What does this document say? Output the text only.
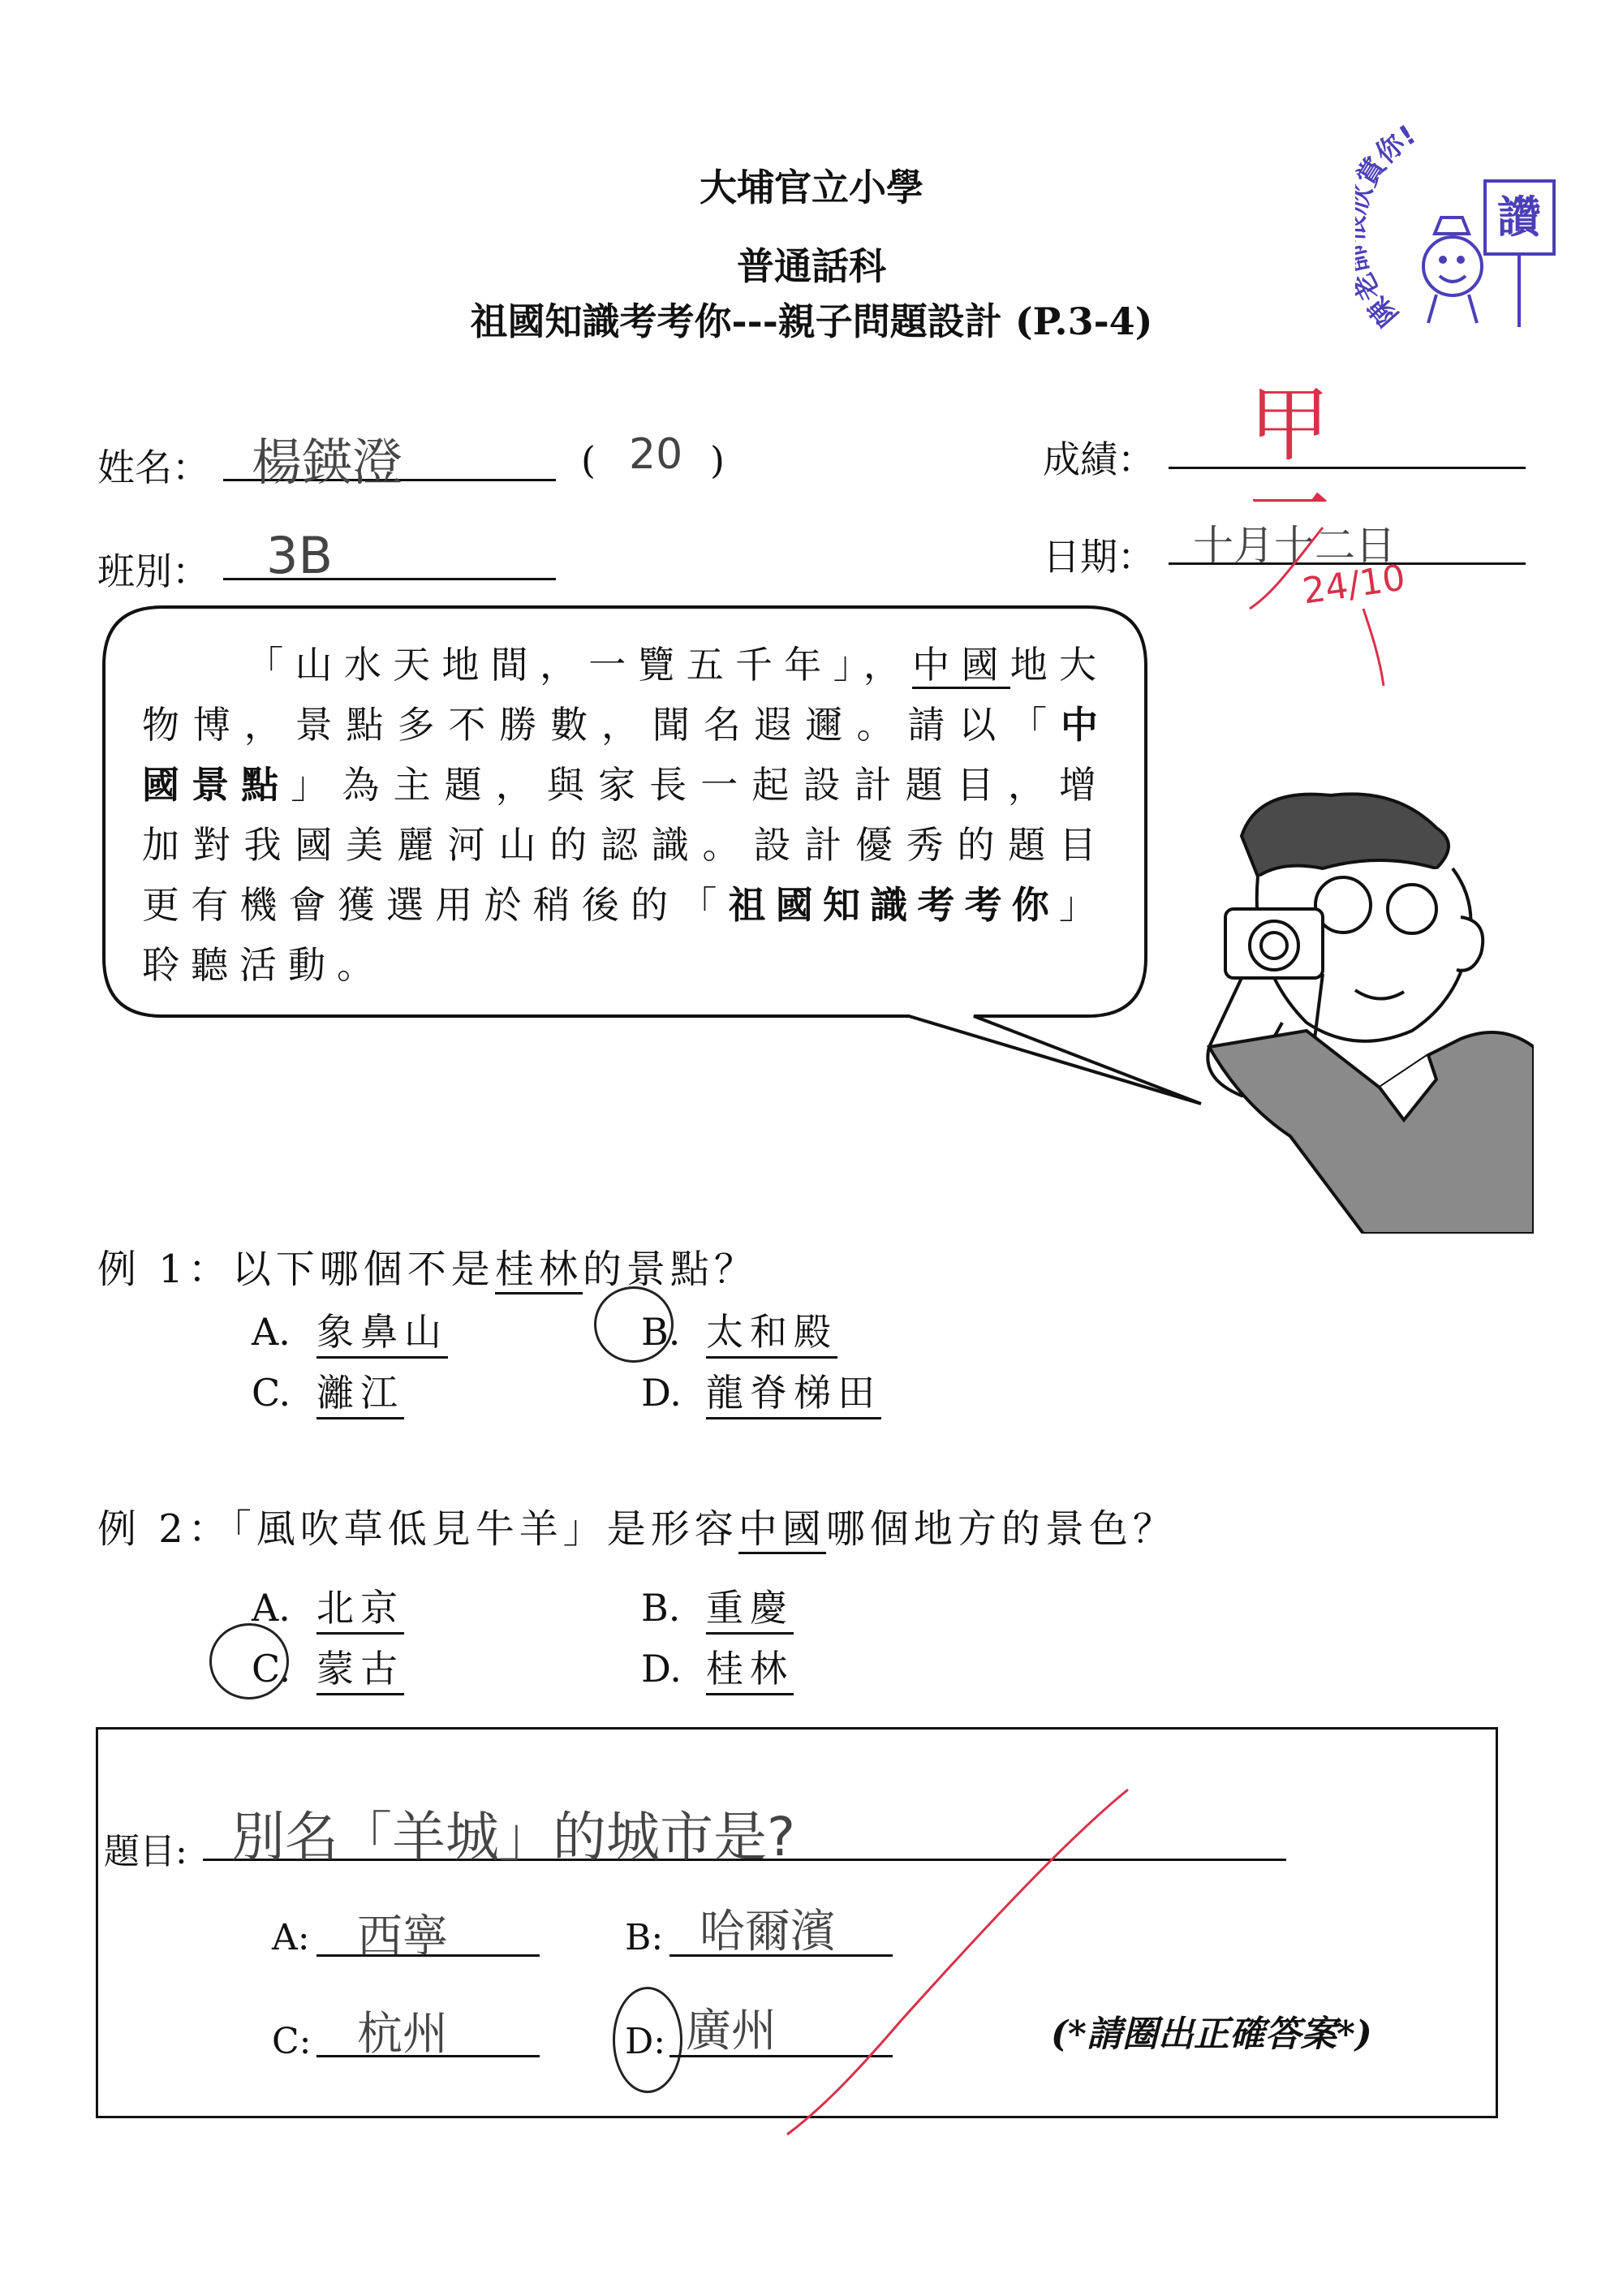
大埔官立小學
普通話科
祖國知識考考你---親子問題設計 (P.3-4)	陳 你!
讚
姓名： 楊鍈澄	( 20 )	成績： 甲一
班別： 3B	日期： 十月十二日
24/10
「山水天地間，一覽五千年」，中國地大物博，景點多不勝數，聞名遐邇。請以「中國景點」為主題，與家長一起設計題目，增加對我國美麗河山的認識。設計優秀的題目更有機會獲選用於稍後的「祖國知識考考你」聆聽活動。
例 1：以下哪個不是桂林的景點？
A. 象鼻山	B. 太和殿
C. 灕江	D. 龍脊梯田
例 2：「風吹草低見牛羊」是形容中國哪個地方的景色？
A. 北京	B. 重慶
C. 蒙古	D. 桂林
題目: 別名「羊城」的城市是?
A: 西寧	B: 哈爾濱
C: 杭州	D: 廣州	(*請圈出正確答案*)
